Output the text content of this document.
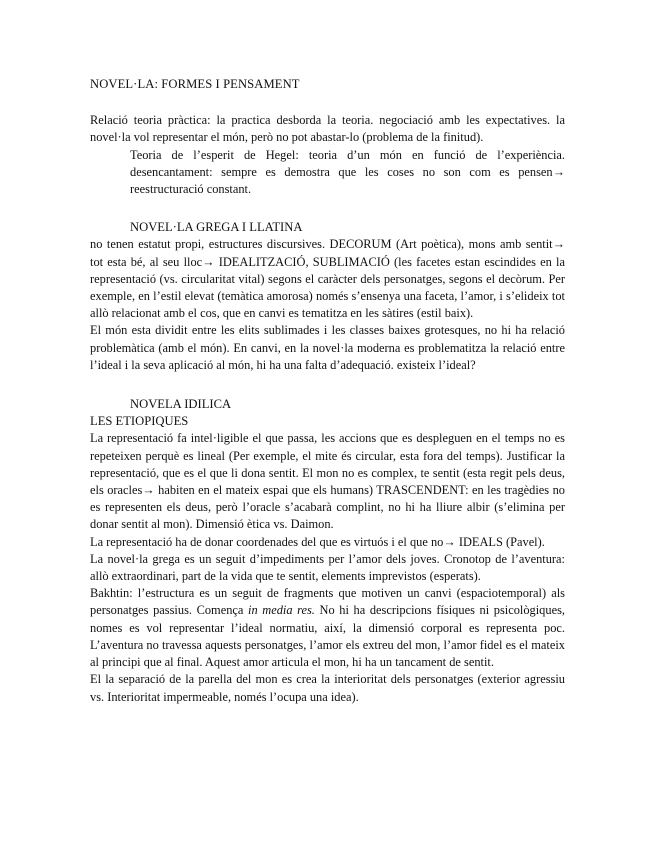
NOVEL·LA: FORMES I PENSAMENT

Relació teoria pràctica: la practica desborda la teoria. negociació amb les expectatives. la novel·la vol representar el món, però no pot abastar-lo (problema de la finitud).

Teoria de l’esperit de Hegel: teoria d’un món en funció de l’experiència. desencantament: sempre es demostra que les coses no son com es pensen→ reestructuració constant.

NOVEL·LA GREGA I LLATINA

no tenen estatut propi, estructures discursives. DECORUM (Art poètica), mons amb sentit→ tot esta bé, al seu lloc→ IDEALITZACIÓ, SUBLIMACIÓ (les facetes estan escindides en la representació (vs. circularitat vital) segons el caràcter dels personatges, segons el decòrum. Per exemple, en l’estil elevat (temàtica amorosa) només s’ensenya una faceta, l’amor, i s’elideix tot allò relacionat amb el cos, que en canvi es tematitza en les sàtires (estil baix).

El món esta dividit entre les elits sublimades i les classes baixes grotesques, no hi ha relació problemàtica (amb el món). En canvi, en la novel·la moderna es problematitza la relació entre l’ideal i la seva aplicació al món, hi ha una falta d’adequació. existeix l’ideal?

NOVELA IDILICA
LES ETIOPIQUES

La representació fa intel·ligible el que passa, les accions que es despleguen en el temps no es repeteixen perquè es lineal (Per exemple, el mite és circular, esta fora del temps). Justificar la representació, que es el que li dona sentit. El mon no es complex, te sentit (esta regit pels deus, els oracles→ habiten en el mateix espai que els humans) TRASCENDENT: en les tragèdies no es representen els deus, però l’oracle s’acabarà complint, no hi ha lliure albir (s’elimina per donar sentit al mon). Dimensió ètica vs. Daimon.

La representació ha de donar coordenades del que es virtuós i el que no→ IDEALS (Pavel).

La novel·la grega es un seguit d’impediments per l’amor dels joves. Cronotop de l’aventura: allò extraordinari, part de la vida que te sentit, elements imprevistos (esperats).

Bakhtin: l’estructura es un seguit de fragments que motiven un canvi (espaciotemporal) als personatges passius. Comença in media res. No hi ha descripcions físiques ni psicològiques, nomes es vol representar l’ideal normatiu, així, la dimensió corporal es representa poc. L’aventura no travessa aquests personatges, l’amor els extreu del mon, l’amor fidel es el mateix al principi que al final. Aquest amor articula el mon, hi ha un tancament de sentit.

El la separació de la parella del mon es crea la interioritat dels personatges (exterior agressiu vs. Interioritat impermeable, només l’ocupa una idea).
